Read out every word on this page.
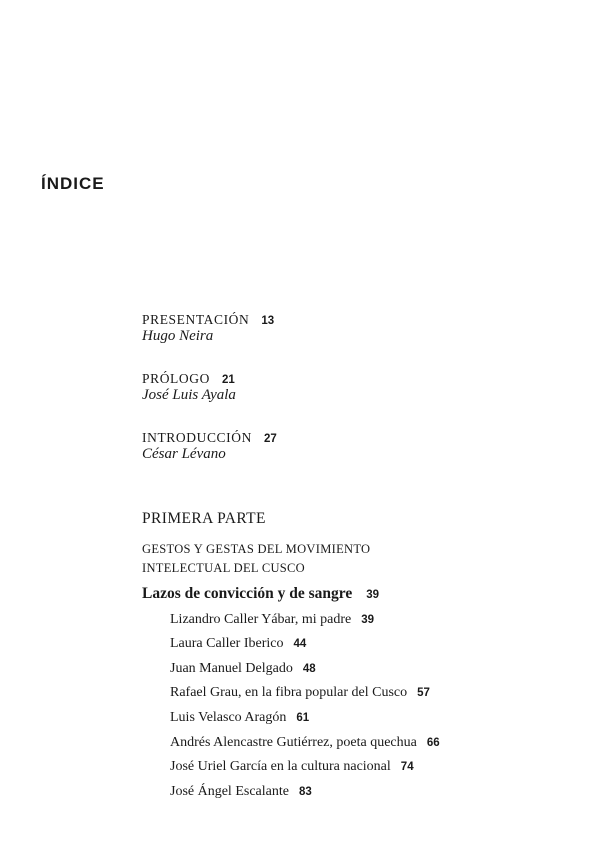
ÍNDICE
PRESENTACIÓN 13
Hugo Neira
PRÓLOGO 21
José Luis Ayala
INTRODUCCIÓN 27
César Lévano
PRIMERA PARTE
GESTOS Y GESTAS DEL MOVIMIENTO
INTELECTUAL DEL CUSCO
Lazos de convicción y de sangre 39
Lizandro Caller Yábar, mi padre 39
Laura Caller Iberico 44
Juan Manuel Delgado 48
Rafael Grau, en la fibra popular del Cusco 57
Luis Velasco Aragón 61
Andrés Alencastre Gutiérrez, poeta quechua 66
José Uriel García en la cultura nacional 74
José Ángel Escalante 83
